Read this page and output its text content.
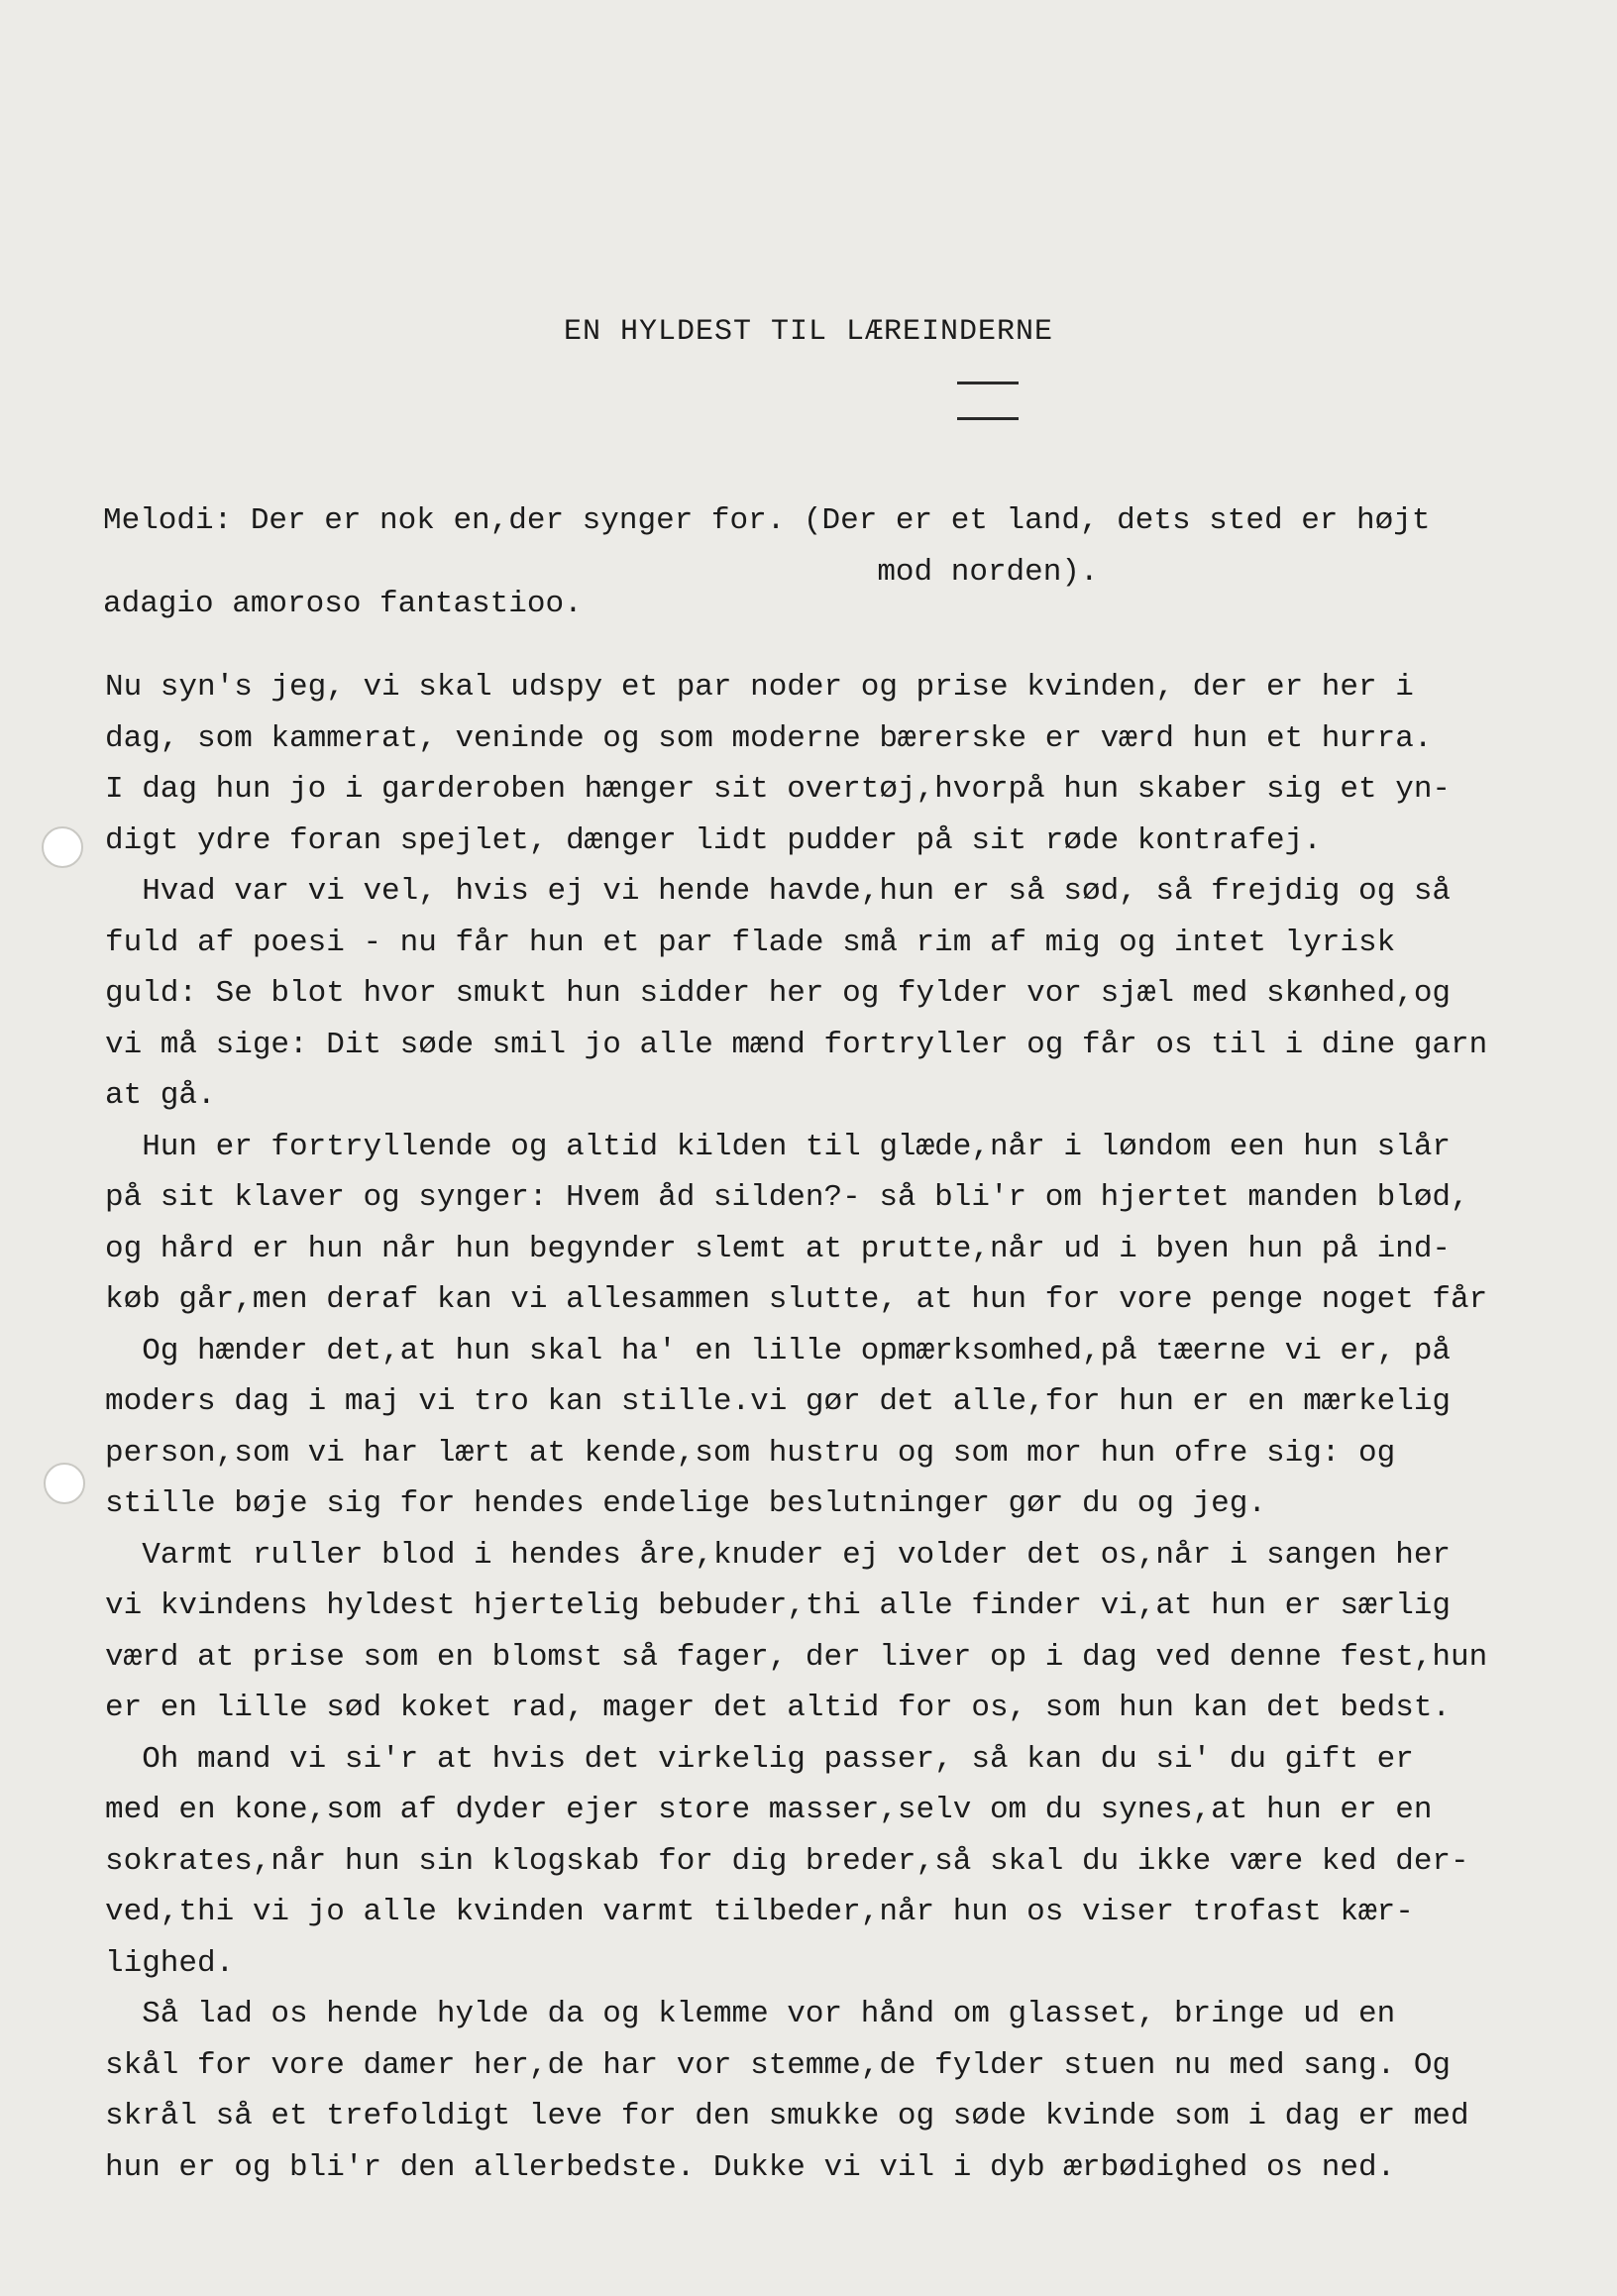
EN HYLDEST TIL LÆREINDERNE
Melodi: Der er nok en,der synger for. (Der er et land, dets sted er højt
mod norden).
adagio amoroso fantastioo.
Nu syn's jeg, vi skal udspy et par noder og prise kvinden, der er her i
dag, som kammerat, veninde og som moderne bærerske er værd hun et hurra.
I dag hun jo i garderoben hænger sit overtøj,hvorpå hun skaber sig et yn-
digt ydre foran spejlet, dænger lidt pudder på sit røde kontrafej.
Hvad var vi vel, hvis ej vi hende havde,hun er så sød, så frejdig og så
fuld af poesi - nu får hun et par flade små rim af mig og intet lyrisk
guld: Se blot hvor smukt hun sidder her og fylder vor sjæl med skønhed,og
vi må sige: Dit søde smil jo alle mænd fortryller og får os til i dine garn
at gå.
Hun er fortryllende og altid kilden til glæde,når i løndom een hun slår
på sit klaver og synger: Hvem åd silden?- så bli'r om hjertet manden blød,
og hård er hun når hun begynder slemt at prutte,når ud i byen hun på ind-
køb går,men deraf kan vi allesammen slutte, at hun for vore penge noget får
Og hænder det,at hun skal ha' en lille opmærksomhed,på tæerne vi er, på
moders dag i maj vi tro kan stille.vi gør det alle,for hun er en mærkelig
person,som vi har lært at kende,som hustru og som mor hun ofre sig: og
stille bøje sig for hendes endelige beslutninger gør du og jeg.
Varmt ruller blod i hendes åre,knuder ej volder det os,når i sangen her
vi kvindens hyldest hjertelig bebuder,thi alle finder vi,at hun er særlig
værd at prise som en blomst så fager, der liver op i dag ved denne fest,hun
er en lille sød koket rad, mager det altid for os, som hun kan det bedst.
Oh mand vi si'r at hvis det virkelig passer, så kan du si' du gift er
med en kone,som af dyder ejer store masser,selv om du synes,at hun er en
sokrates,når hun sin klogskab for dig breder,så skal du ikke være ked der-
ved,thi vi jo alle kvinden varmt tilbeder,når hun os viser trofast kær-
lighed.
Så lad os hende hylde da og klemme vor hånd om glasset, bringe ud en
skål for vore damer her,de har vor stemme,de fylder stuen nu med sang. Og
skrål så et trefoldigt leve for den smukke og søde kvinde som i dag er med
hun er og bli'r den allerbedste. Dukke vi vil i dyb ærbødighed os ned.
